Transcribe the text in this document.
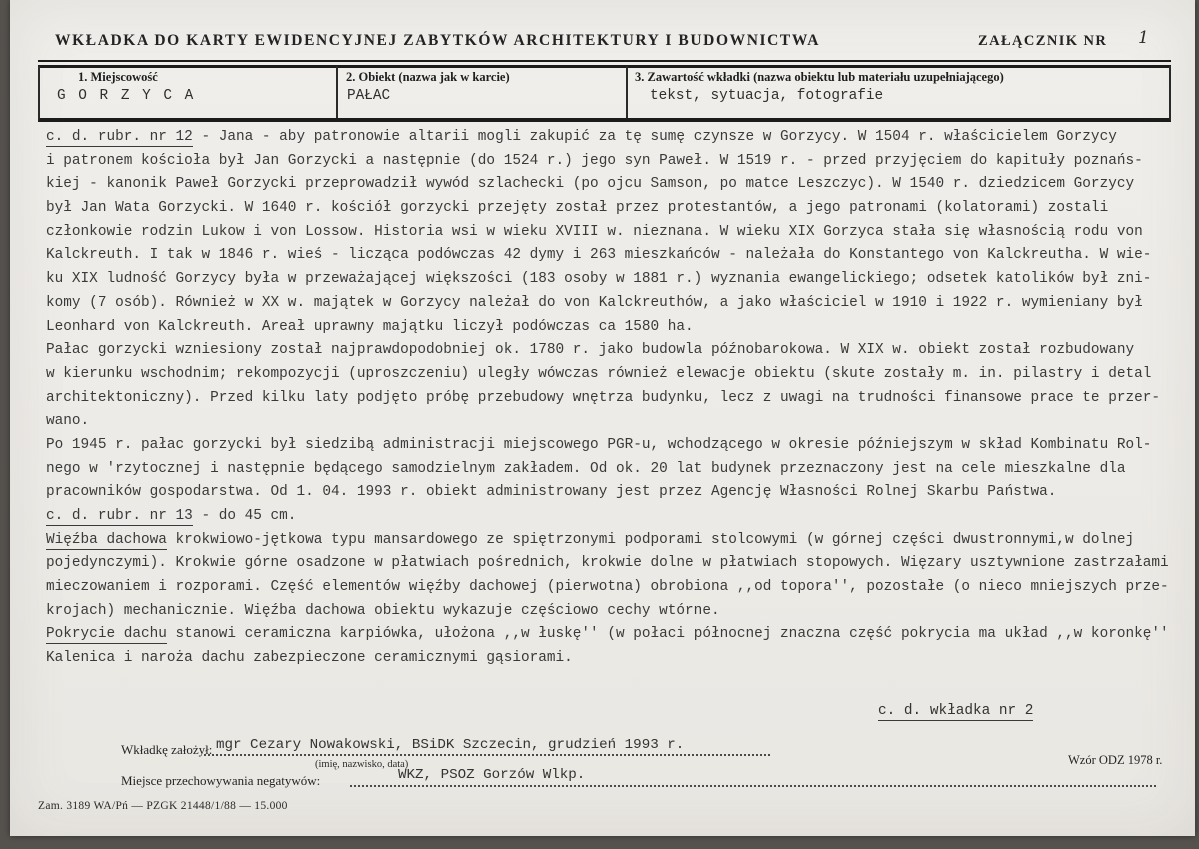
WKŁADKA DO KARTY EWIDENCYJNEJ ZABYTKÓW ARCHITEKTURY I BUDOWNICTWA	ZAŁĄCZNIK NR 1
1. Miejscowość
G O R Z Y C A
2. Obiekt (nazwa jak w karcie)
PAŁAC
3. Zawartość wkładki (nazwa obiektu lub materiału uzupełniającego)
tekst, sytuacja, fotografie
c. d. rubr. nr 12 - Jana - aby patronowie altarii mogli zakupić za tę sumę czynsze w Gorzycy. W 1504 r. właścicielem Gorzycy
i patronem kościoła był Jan Gorzycki a następnie (do 1524 r.) jego syn Paweł. W 1519 r. - przed przyjęciem do kapituły poznańs-
kiej - kanonik Paweł Gorzycki przeprowadził wywód szlachecki (po ojcu Samson, po matce Leszczyc). W 1540 r. dziedzicem Gorzycy
był Jan Wata Gorzycki. W 1640 r. kościół gorzycki przejęty został przez protestantów, a jego patronami (kolatorami) zostali
członkowie rodzin Lukow i von Lossow. Historia wsi w wieku XVIII w. nieznana. W wieku XIX Gorzyca stała się własnością rodu von
Kalckreuth. I tak w 1846 r. wieś - licząca podówczas 42 dymy i 263 mieszkańców - należała do Konstantego von Kalckreutha. W wie-
ku XIX ludność Gorzycy była w przeważającej większości (183 osoby w 1881 r.) wyznania ewangelickiego; odsetek katolików był zni-
komy (7 osób). Również w XX w. majątek w Gorzycy należał do von Kalckreuthów, a jako właściciel w 1910 i 1922 r. wymieniany był
Leonhard von Kalckreuth. Areał uprawny majątku liczył podówczas ca 1580 ha.
Pałac gorzycki wzniesiony został najprawdopodobniej ok. 1780 r. jako budowla późnobarokowa. W XIX w. obiekt został rozbudowany
w kierunku wschodnim; rekompozycji (uproszczeniu) uległy wówczas również elewacje obiektu (skute zostały m. in. pilastry i detal
architektoniczny). Przed kilku laty podjęto próbę przebudowy wnętrza budynku, lecz z uwagi na trudności finansowe prace te przer-
wano.
Po 1945 r. pałac gorzycki był siedzibą administracji miejscowego PGR-u, wchodzącego w okresie późniejszym w skład Kombinatu Rol-
nego w 'rzytocznej i następnie będącego samodzielnym zakładem. Od ok. 20 lat budynek przeznaczony jest na cele mieszkalne dla
pracowników gospodarstwa. Od 1. 04. 1993 r. obiekt administrowany jest przez Agencję Własności Rolnej Skarbu Państwa.
c. d. rubr. nr 13 - do 45 cm.
Więźba dachowa krokwiowo-jętkowa typu mansardowego ze spiętrzonymi podporami stolcowymi (w górnej części dwustronnymi,w dolnej
pojedynczymi). Krokwie górne osadzone w płatwiach pośrednich, krokwie dolne w płatwiach stopowych. Więzary usztywnione zastrzałami
mieczowaniem i rozporami. Część elementów więźby dachowej (pierwotna) obrobiona ,,od topora'', pozostałe (o nieco mniejszych prze-
krojach) mechanicznie. Więźba dachowa obiektu wykazuje częściowo cechy wtórne.
Pokrycie dachu stanowi ceramiczna karpiówka, ułożona ,,w łuskę'' (w połaci północnej znaczna część pokrycia ma układ ,,w koronkę''
Kalenica i naroża dachu zabezpieczone ceramicznymi gąsiorami.
c. d. wkładka nr 2
Wkładkę założył: mgr Cezary Nowakowski, BSiDK Szczecin, grudzień 1993 r.
(imię, nazwisko, data)	Wzór ODZ 1978 r.
Miejsce przechowywania negatywów:	WKZ, PSOZ Gorzów Wlkp.
Zam. 3189 WA/Pń — PZGK 21448/1/88 — 15.000
